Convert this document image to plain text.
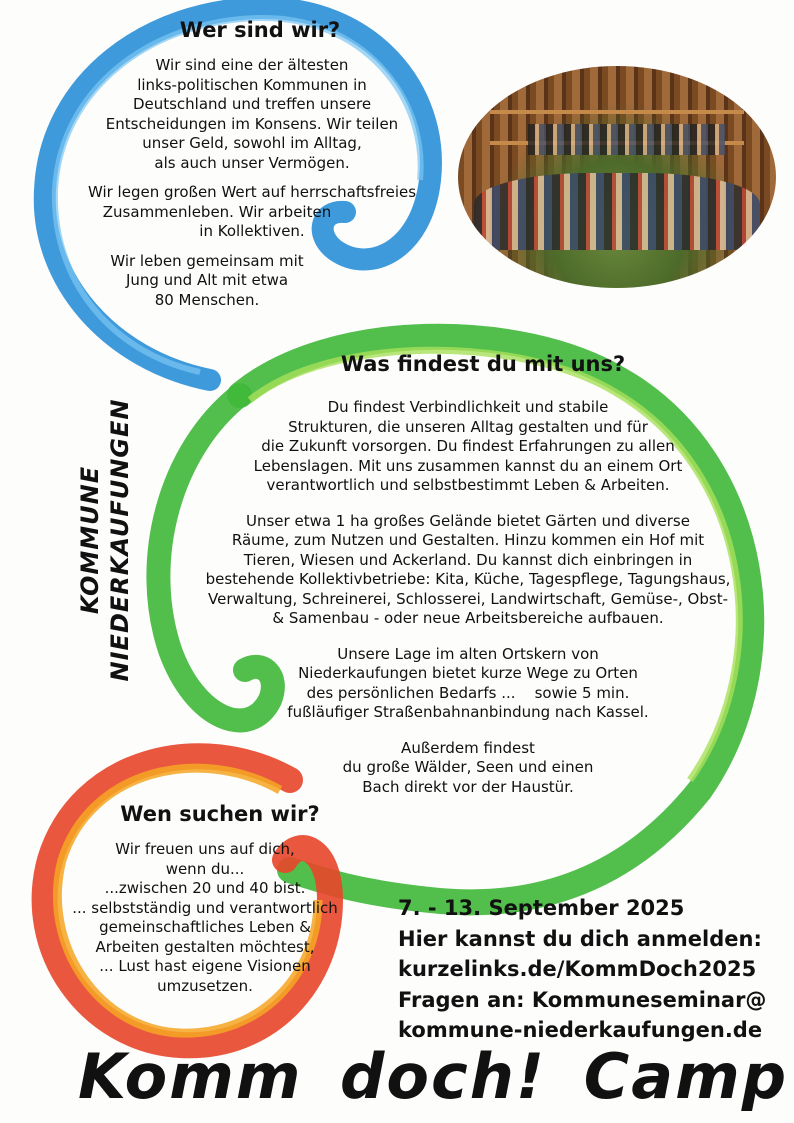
Wer sind wir?

Wir sind eine der ältesten
links-politischen Kommunen in
Deutschland und treffen unsere
Entscheidungen im Konsens. Wir teilen
unser Geld, sowohl im Alltag,
als auch unser Vermögen.

Wir legen großen Wert auf herrschaftsfreies
Zusammenleben. Wir arbeiten
in Kollektiven.

Wir leben gemeinsam mit
Jung und Alt mit etwa
80 Menschen.

Was findest du mit uns?

Du findest Verbindlichkeit und stabile
Strukturen, die unseren Alltag gestalten und für
die Zukunft vorsorgen. Du findest Erfahrungen zu allen
Lebenslagen. Mit uns zusammen kannst du an einem Ort
verantwortlich und selbstbestimmt Leben & Arbeiten.

Unser etwa 1 ha großes Gelände bietet Gärten und diverse
Räume, zum Nutzen und Gestalten. Hinzu kommen ein Hof mit
Tieren, Wiesen und Ackerland. Du kannst dich einbringen in
bestehende Kollektivbetriebe: Kita, Küche, Tagespflege, Tagungshaus,
Verwaltung, Schreinerei, Schlosserei, Landwirtschaft, Gemüse-, Obst-
& Samenbau - oder neue Arbeitsbereiche aufbauen.

Unsere Lage im alten Ortskern von
Niederkaufungen bietet kurze Wege zu Orten
des persönlichen Bedarfs ...    sowie 5 min.
fußläufiger Straßenbahnanbindung nach Kassel.

Außerdem findest
du große Wälder, Seen und einen
Bach direkt vor der Haustür.

KOMMUNE NIEDERKAUFUNGEN
Wen suchen wir?
Wir freuen uns auf dich,
wenn du...
...zwischen 20 und 40 bist.
... selbstständig und verantwortlich
gemeinschaftliches Leben &
Arbeiten gestalten möchtest,
... Lust hast eigene Visionen
umzusetzen.
7. - 13. September 2025
Hier kannst du dich anmelden:
kurzelinks.de/KommDoch2025
Fragen an: Kommuneseminar@
kommune-niederkaufungen.de
Komm doch! Camp
